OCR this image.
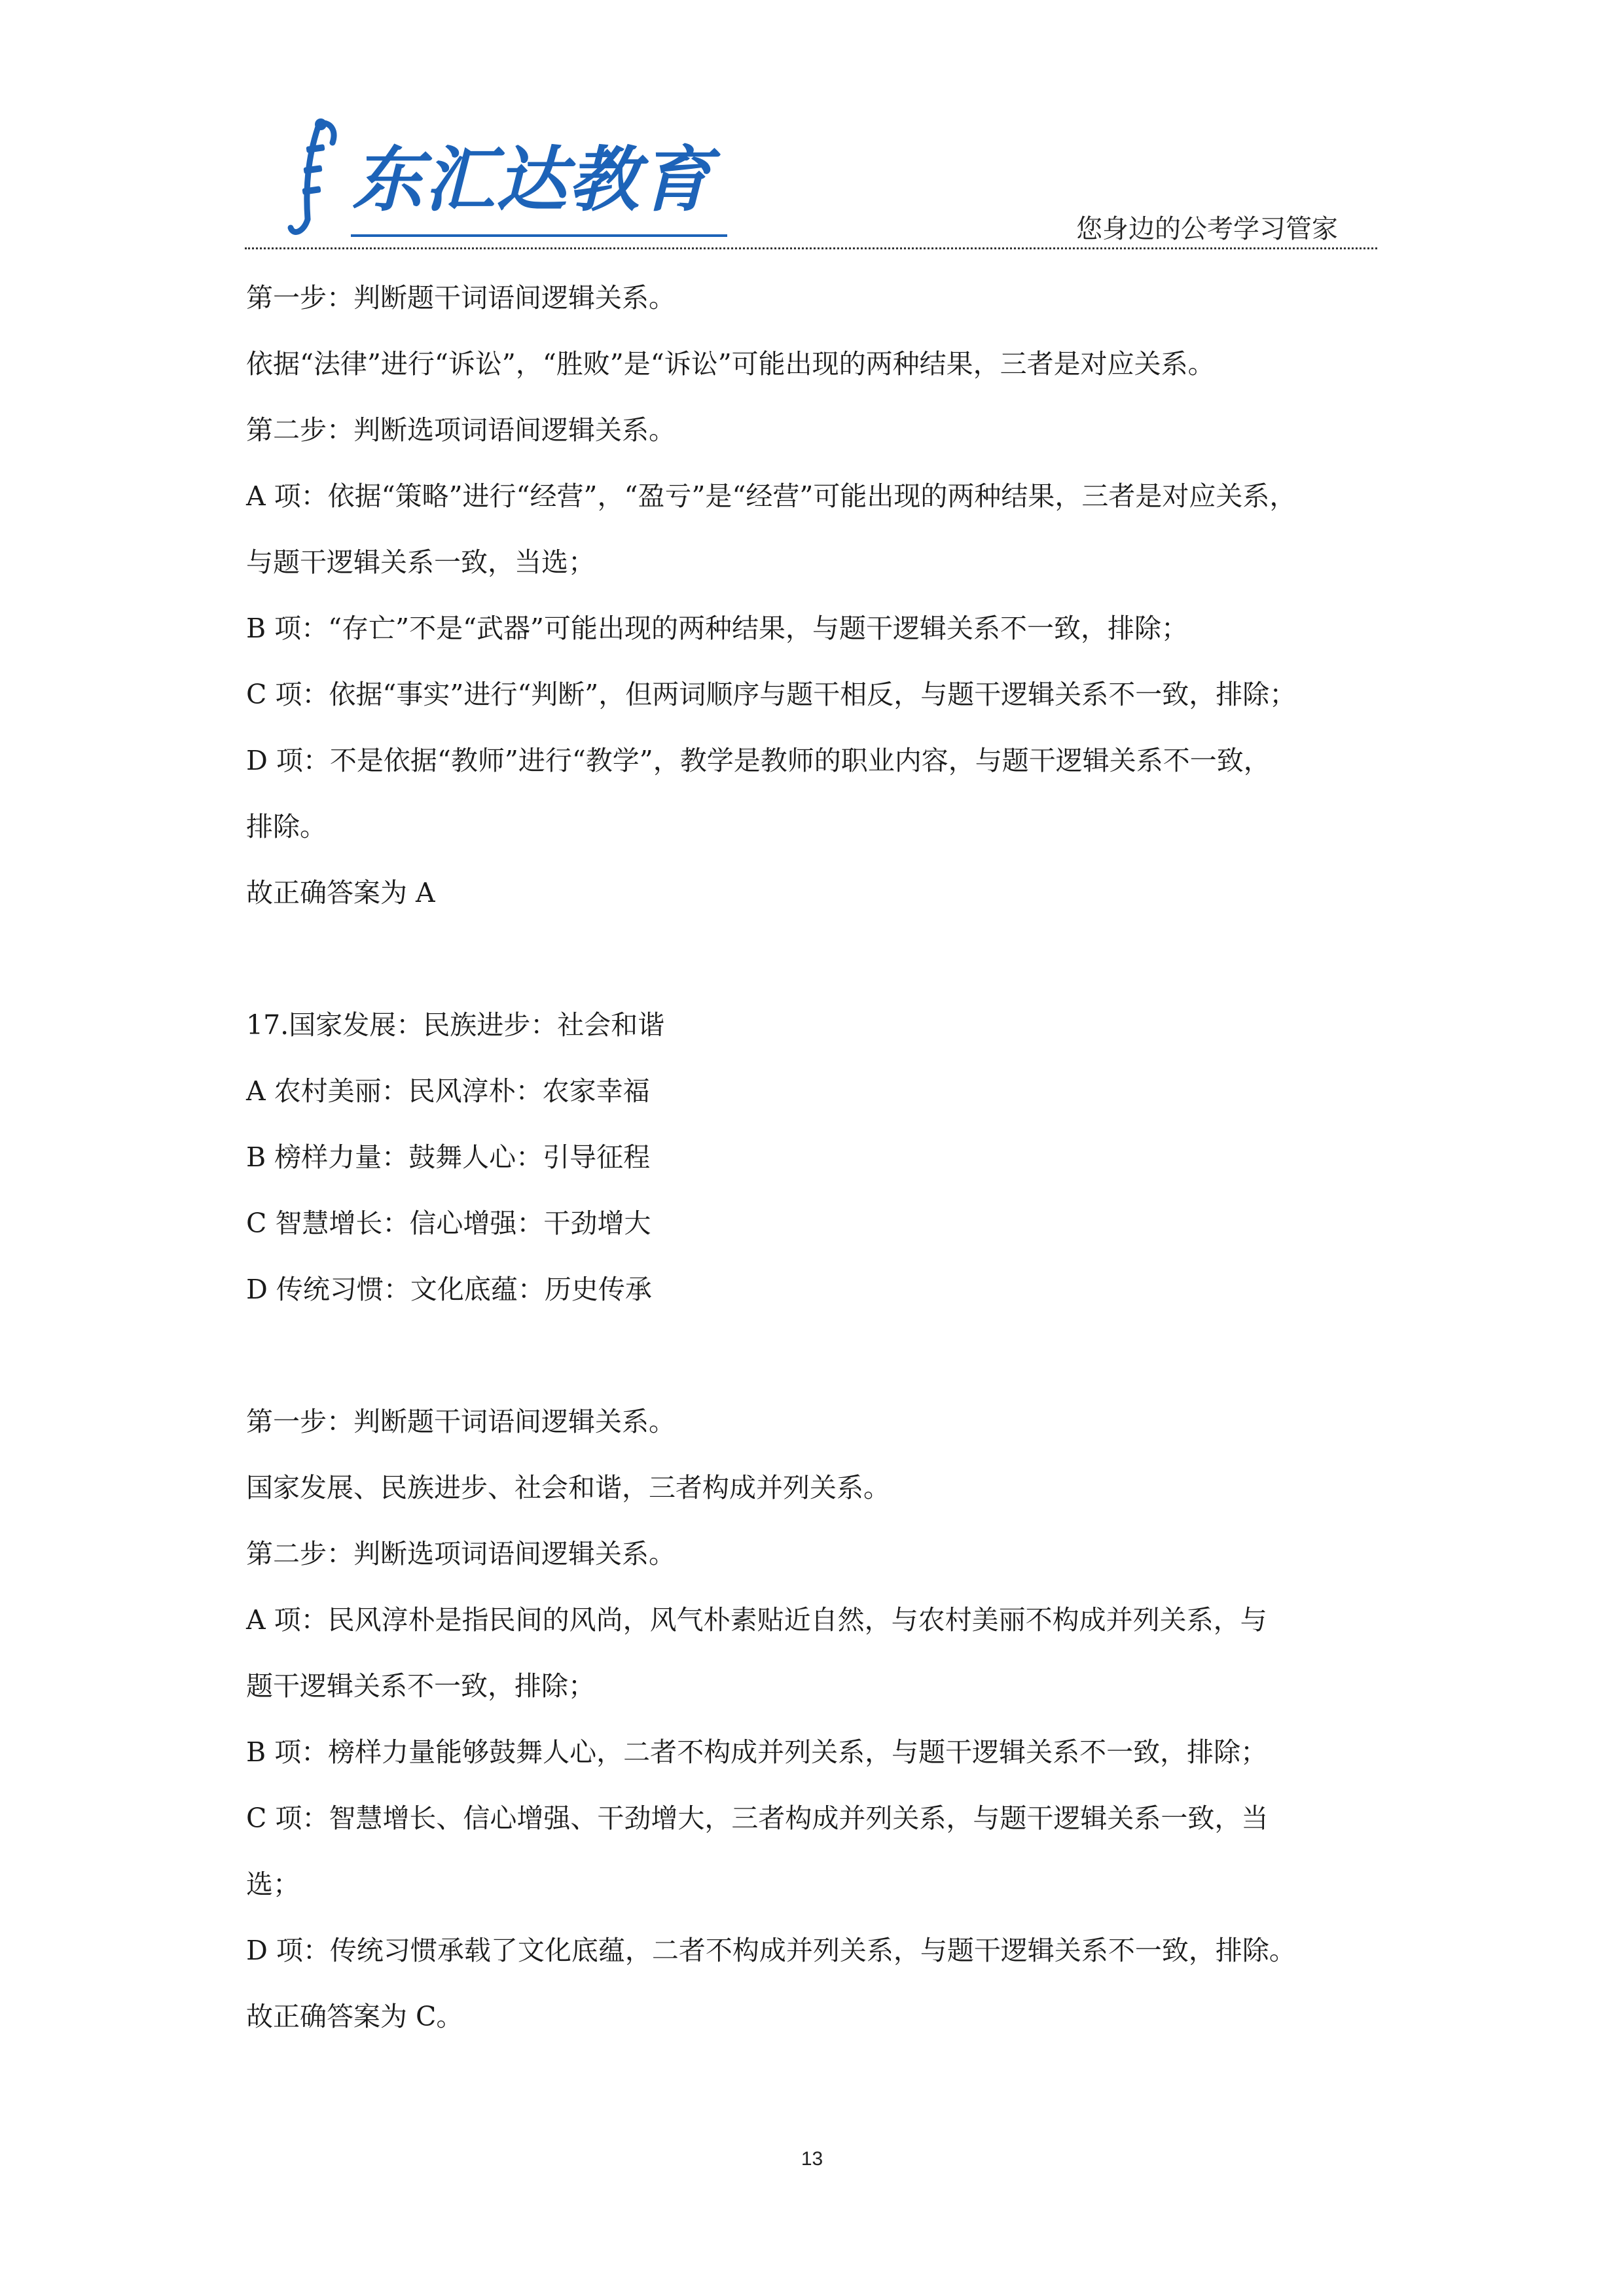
东汇达教育
您身边的公考学习管家

第一步：判断题干词语间逻辑关系。

依据“法律”进行“诉讼”，“胜败”是“诉讼”可能出现的两种结果，三者是对应关系。

第二步：判断选项词语间逻辑关系。

A 项：依据“策略”进行“经营”，“盈亏”是“经营”可能出现的两种结果，三者是对应关系，

与题干逻辑关系一致，当选；

B 项：“存亡”不是“武器”可能出现的两种结果，与题干逻辑关系不一致，排除；

C 项：依据“事实”进行“判断”，但两词顺序与题干相反，与题干逻辑关系不一致，排除；

D 项：不是依据“教师”进行“教学”，教学是教师的职业内容，与题干逻辑关系不一致，

排除。

故正确答案为 A

17.国家发展：民族进步：社会和谐

A 农村美丽：民风淳朴：农家幸福

B 榜样力量：鼓舞人心：引导征程

C 智慧增长：信心增强：干劲增大

D 传统习惯：文化底蕴：历史传承

第一步：判断题干词语间逻辑关系。

国家发展、民族进步、社会和谐，三者构成并列关系。

第二步：判断选项词语间逻辑关系。

A 项：民风淳朴是指民间的风尚，风气朴素贴近自然，与农村美丽不构成并列关系，与

题干逻辑关系不一致，排除；

B 项：榜样力量能够鼓舞人心，二者不构成并列关系，与题干逻辑关系不一致，排除；

C 项：智慧增长、信心增强、干劲增大，三者构成并列关系，与题干逻辑关系一致，当

选；

D 项：传统习惯承载了文化底蕴，二者不构成并列关系，与题干逻辑关系不一致，排除。

故正确答案为 C。

13
